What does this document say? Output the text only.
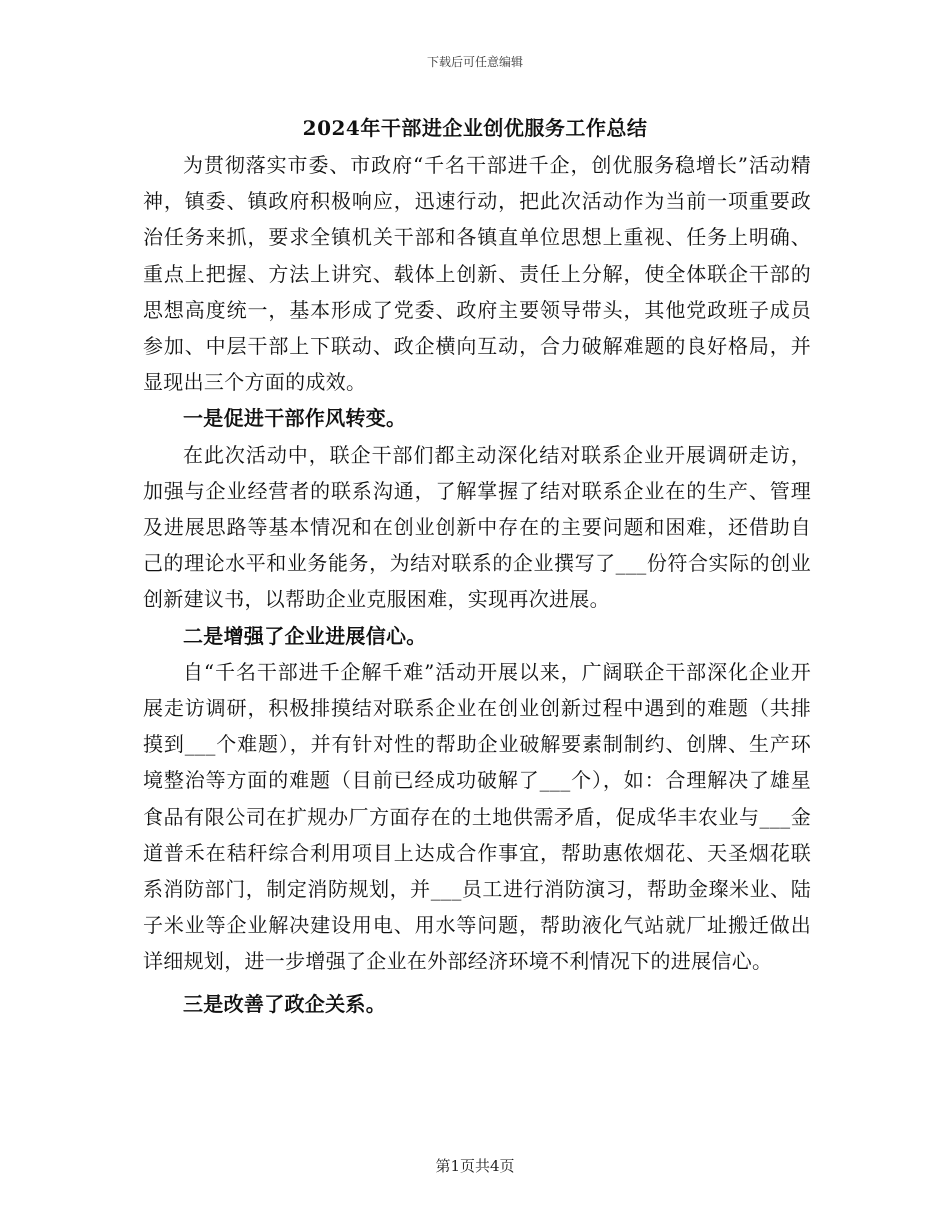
下载后可任意编辑
2024年干部进企业创优服务工作总结

为贯彻落实市委、市政府“千名干部进千企，创优服务稳增长”活动精神，镇委、镇政府积极响应，迅速行动，把此次活动作为当前一项重要政治任务来抓，要求全镇机关干部和各镇直单位思想上重视、任务上明确、重点上把握、方法上讲究、载体上创新、责任上分解，使全体联企干部的思想高度统一，基本形成了党委、政府主要领导带头，其他党政班子成员参加、中层干部上下联动、政企横向互动，合力破解难题的良好格局，并显现出三个方面的成效。

一是促进干部作风转变。

在此次活动中，联企干部们都主动深化结对联系企业开展调研走访，加强与企业经营者的联系沟通，了解掌握了结对联系企业在的生产、管理及进展思路等基本情况和在创业创新中存在的主要问题和困难，还借助自己的理论水平和业务能务，为结对联系的企业撰写了___份符合实际的创业创新建议书，以帮助企业克服困难，实现再次进展。

二是增强了企业进展信心。

自“千名干部进千企解千难”活动开展以来，广阔联企干部深化企业开展走访调研，积极排摸结对联系企业在创业创新过程中遇到的难题（共排摸到___个难题），并有针对性的帮助企业破解要素制制约、创牌、生产环境整治等方面的难题（目前已经成功破解了___个），如：合理解决了雄星食品有限公司在扩规办厂方面存在的土地供需矛盾，促成华丰农业与___金道普禾在秸秆综合利用项目上达成合作事宜，帮助惠侬烟花、天圣烟花联系消防部门，制定消防规划，并___员工进行消防演习，帮助金璨米业、陆子米业等企业解决建设用电、用水等问题，帮助液化气站就厂址搬迁做出详细规划，进一步增强了企业在外部经济环境不利情况下的进展信心。

三是改善了政企关系。

第1页共4页
